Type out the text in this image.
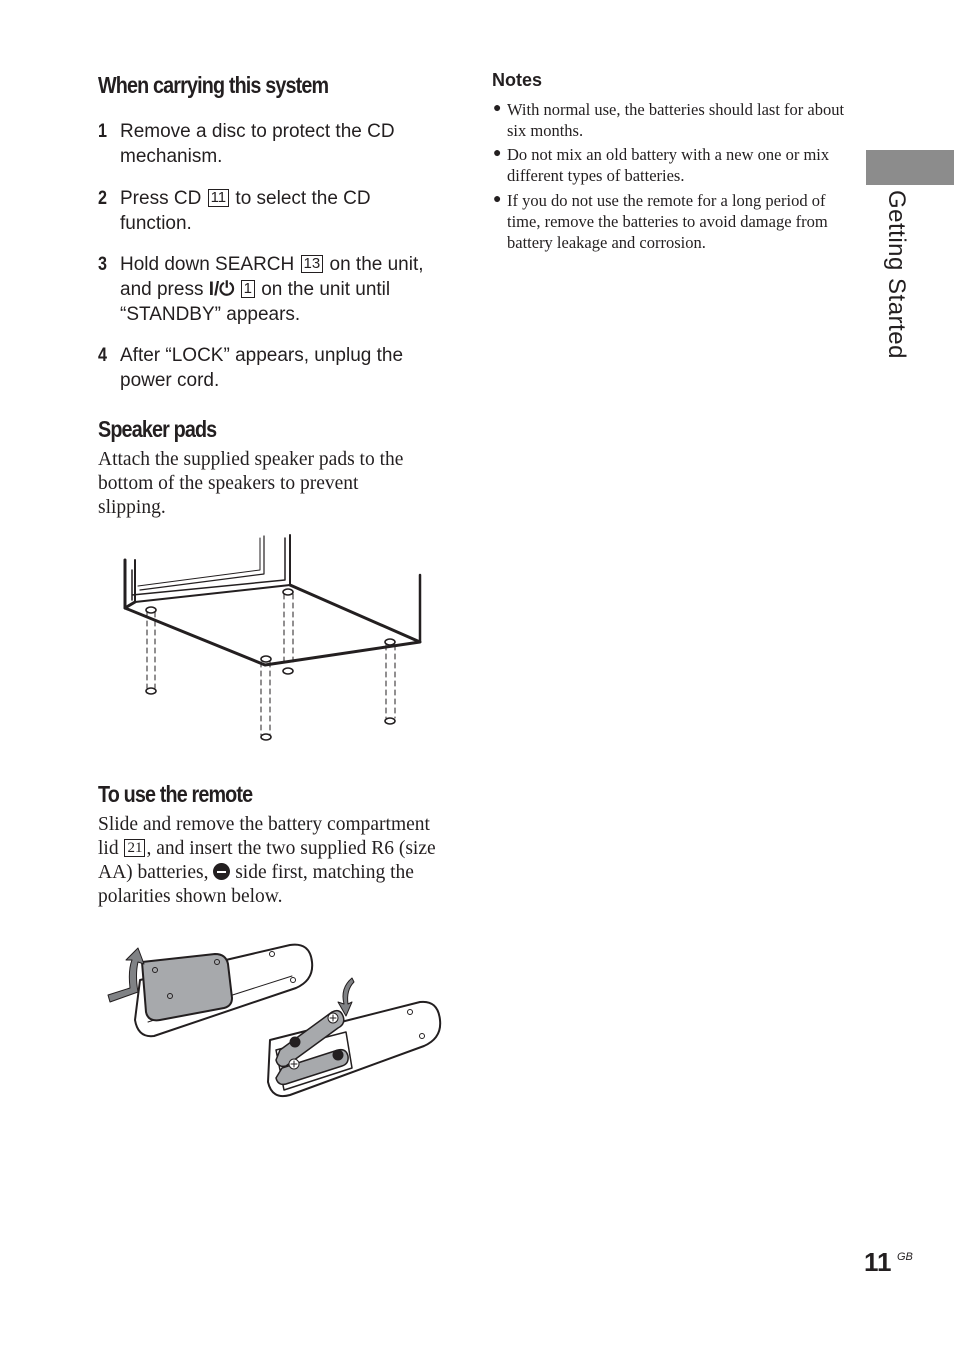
When carrying this system
1 Remove a disc to protect the CD mechanism.
2 Press CD 11 to select the CD function.
3 Hold down SEARCH 13 on the unit, and press I/⏻ 1 on the unit until “STANDBY” appears.
4 After “LOCK” appears, unplug the power cord.
Speaker pads

Attach the supplied speaker pads to the bottom of the speakers to prevent slipping.

To use the remote

Slide and remove the battery compartment lid 21 , and insert the two supplied R6 (size AA) batteries,  side first, matching the polarities shown below.

Notes
● With normal use, the batteries should last for about six months.
● Do not mix an old battery with a new one or mix different types of batteries.
● If you do not use the remote for a long period of time, remove the batteries to avoid damage from battery leakage and corrosion.	Getting Started
11 GB
